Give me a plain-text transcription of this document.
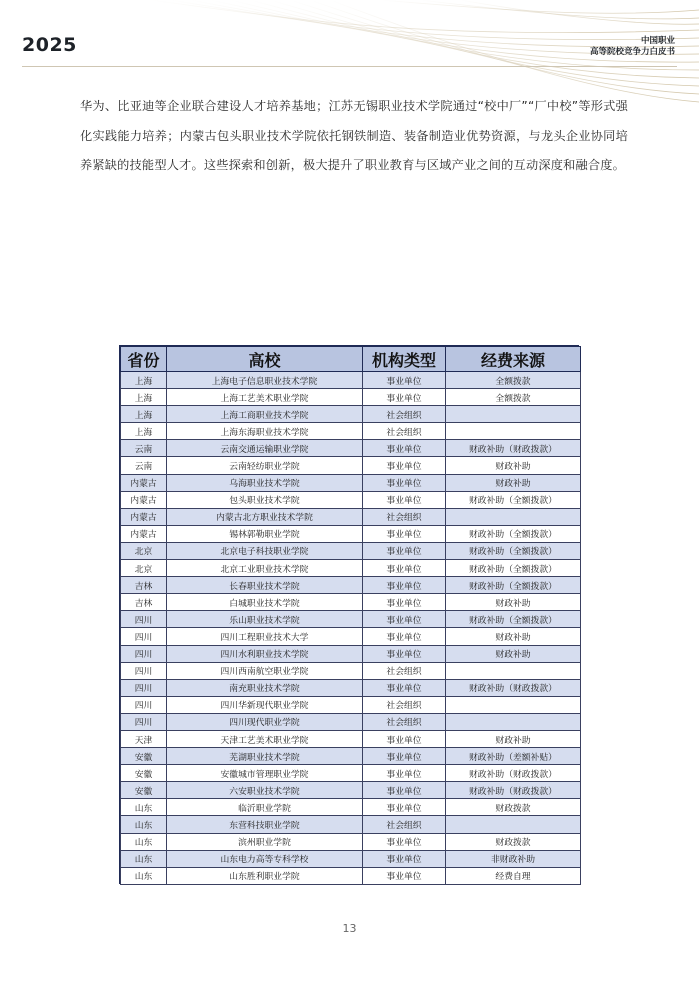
2025	中国职业
高等院校竞争力白皮书

华为、比亚迪等企业联合建设人才培养基地；江苏无锡职业技术学院通过“校中厂”“厂中校”等形式强化实践能力培养；内蒙古包头职业技术学院依托钢铁制造、装备制造业优势资源，与龙头企业协同培养紧缺的技能型人才。这些探索和创新，极大提升了职业教育与区域产业之间的互动深度和融合度。

省份	高校	机构类型	经费来源
上海	上海电子信息职业技术学院	事业单位	全额拨款
上海	上海工艺美术职业学院	事业单位	全额拨款
上海	上海工商职业技术学院	社会组织	
上海	上海东海职业技术学院	社会组织	
云南	云南交通运输职业学院	事业单位	财政补助（财政拨款）
云南	云南轻纺职业学院	事业单位	财政补助
内蒙古	乌海职业技术学院	事业单位	财政补助
内蒙古	包头职业技术学院	事业单位	财政补助（全额拨款）
内蒙古	内蒙古北方职业技术学院	社会组织	
内蒙古	锡林郭勒职业学院	事业单位	财政补助（全额拨款）
北京	北京电子科技职业学院	事业单位	财政补助（全额拨款）
北京	北京工业职业技术学院	事业单位	财政补助（全额拨款）
吉林	长春职业技术学院	事业单位	财政补助（全额拨款）
吉林	白城职业技术学院	事业单位	财政补助
四川	乐山职业技术学院	事业单位	财政补助（全额拨款）
四川	四川工程职业技术大学	事业单位	财政补助
四川	四川水利职业技术学院	事业单位	财政补助
四川	四川西南航空职业学院	社会组织	
四川	南充职业技术学院	事业单位	财政补助（财政拨款）
四川	四川华新现代职业学院	社会组织	
四川	四川现代职业学院	社会组织	
天津	天津工艺美术职业学院	事业单位	财政补助
安徽	芜湖职业技术学院	事业单位	财政补助（差额补贴）
安徽	安徽城市管理职业学院	事业单位	财政补助（财政拨款）
安徽	六安职业技术学院	事业单位	财政补助（财政拨款）
山东	临沂职业学院	事业单位	财政拨款
山东	东营科技职业学院	社会组织	
山东	滨州职业学院	事业单位	财政拨款
山东	山东电力高等专科学校	事业单位	非财政补助
山东	山东胜利职业学院	事业单位	经费自理
13
